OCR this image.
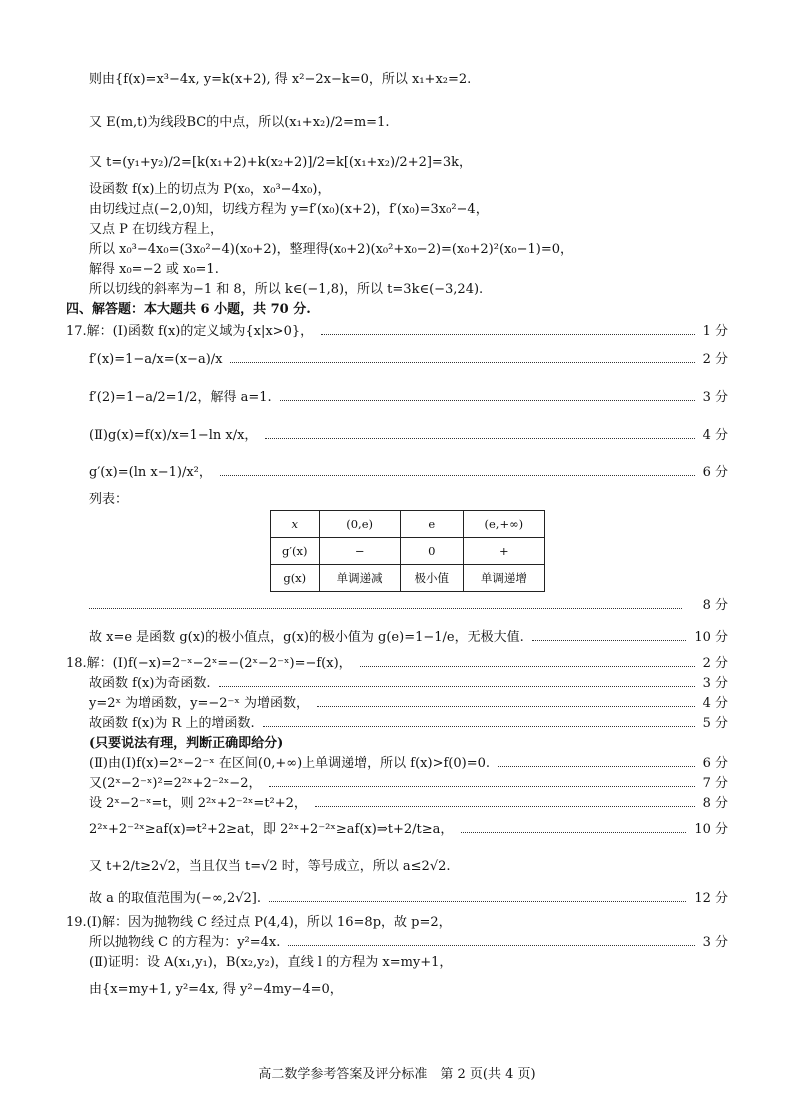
则由{f(x)=x³−4x, y=k(x+2), 得 x²−2x−k=0，所以 x₁+x₂=2.
又 E(m,t)为线段BC的中点，所以(x₁+x₂)/2=m=1.
又 t=(y₁+y₂)/2=[k(x₁+2)+k(x₂+2)]/2=k[(x₁+x₂)/2+2]=3k，
设函数 f(x)上的切点为 P(x₀，x₀³−4x₀)，
由切线过点(−2,0)知，切线方程为 y=f′(x₀)(x+2)，f′(x₀)=3x₀²−4，
又点 P 在切线方程上，
所以 x₀³−4x₀=(3x₀²−4)(x₀+2)，整理得(x₀+2)(x₀²+x₀−2)=(x₀+2)²(x₀−1)=0，
解得 x₀=−2 或 x₀=1.
所以切线的斜率为−1 和 8，所以 k∈(−1,8)，所以 t=3k∈(−3,24).
四、解答题：本大题共 6 小题，共 70 分.
17.解：(Ⅰ)函数 f(x)的定义域为{x|x>0}，	1 分
f′(x)=1−a/x=(x−a)/x	2 分
f′(2)=1−a/2=1/2，解得 a=1.	3 分
(Ⅱ)g(x)=f(x)/x=1−ln x/x，	4 分
g′(x)=(ln x−1)/x²，	6 分
列表：
x	(0,e)	e	(e,+∞)
g′(x)	−	0	+
g(x)	单调递减	极小值	单调递增
8 分
故 x=e 是函数 g(x)的极小值点，g(x)的极小值为 g(e)=1−1/e，无极大值.	10 分
18.解：(Ⅰ)f(−x)=2⁻ˣ−2ˣ=−(2ˣ−2⁻ˣ)=−f(x)，	2 分
故函数 f(x)为奇函数.	3 分
y=2ˣ 为增函数，y=−2⁻ˣ 为增函数，	4 分
故函数 f(x)为 R 上的增函数.	5 分
(只要说法有理，判断正确即给分)
(Ⅱ)由(Ⅰ)f(x)=2ˣ−2⁻ˣ 在区间(0,+∞)上单调递增，所以 f(x)>f(0)=0.	6 分
又(2ˣ−2⁻ˣ)²=2²ˣ+2⁻²ˣ−2，	7 分
设 2ˣ−2⁻ˣ=t，则 2²ˣ+2⁻²ˣ=t²+2，	8 分
2²ˣ+2⁻²ˣ≥af(x)⇒t²+2≥at，即 2²ˣ+2⁻²ˣ≥af(x)⇒t+2/t≥a，	10 分
又 t+2/t≥2√2，当且仅当 t=√2 时，等号成立，所以 a≤2√2.
故 a 的取值范围为(−∞,2√2].	12 分
19.(Ⅰ)解：因为抛物线 C 经过点 P(4,4)，所以 16=8p，故 p=2，
所以抛物线 C 的方程为：y²=4x.	3 分
(Ⅱ)证明：设 A(x₁,y₁)，B(x₂,y₂)，直线 l 的方程为 x=my+1，
由{x=my+1, y²=4x, 得 y²−4my−4=0，
高二数学参考答案及评分标准　第 2 页(共 4 页)
